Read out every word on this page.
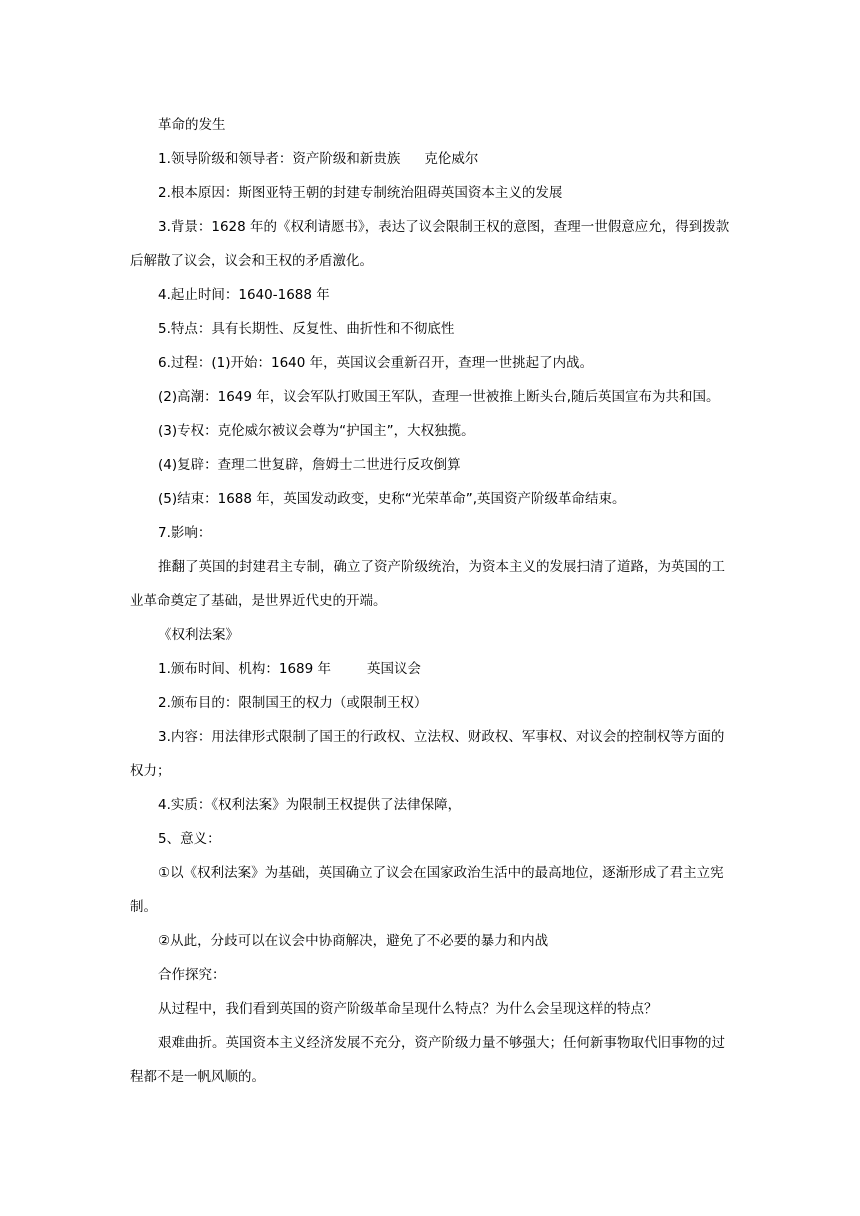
革命的发生

1.领导阶级和领导者：资产阶级和新贵族 克伦威尔

2.根本原因：斯图亚特王朝的封建专制统治阻碍英国资本主义的发展

3.背景：1628 年的《权利请愿书》，表达了议会限制王权的意图，查理一世假意应允，得到拨款后解散了议会，议会和王权的矛盾激化。

4.起止时间：1640-1688 年

5.特点：具有长期性、反复性、曲折性和不彻底性

6.过程：(1)开始：1640 年，英国议会重新召开，查理一世挑起了内战。

(2)高潮：1649 年，议会军队打败国王军队，查理一世被推上断头台,随后英国宣布为共和国。

(3)专权：克伦威尔被议会尊为“护国主”，大权独揽。

(4)复辟：查理二世复辟，詹姆士二世进行反攻倒算

(5)结束：1688 年，英国发动政变，史称“光荣革命”,英国资产阶级革命结束。

7.影响：

推翻了英国的封建君主专制，确立了资产阶级统治，为资本主义的发展扫清了道路，为英国的工业革命奠定了基础，是世界近代史的开端。

《权利法案》

1.颁布时间、机构：1689 年	英国议会

2.颁布目的：限制国王的权力（或限制王权）

3.内容：用法律形式限制了国王的行政权、立法权、财政权、军事权、对议会的控制权等方面的权力；

4.实质：《权利法案》为限制王权提供了法律保障，

5、意义：

①以《权利法案》为基础，英国确立了议会在国家政治生活中的最高地位，逐渐形成了君主立宪制。

②从此，分歧可以在议会中协商解决，避免了不必要的暴力和内战

合作探究：

从过程中，我们看到英国的资产阶级革命呈现什么特点？为什么会呈现这样的特点？

艰难曲折。英国资本主义经济发展不充分，资产阶级力量不够强大；任何新事物取代旧事物的过程都不是一帆风顺的。
